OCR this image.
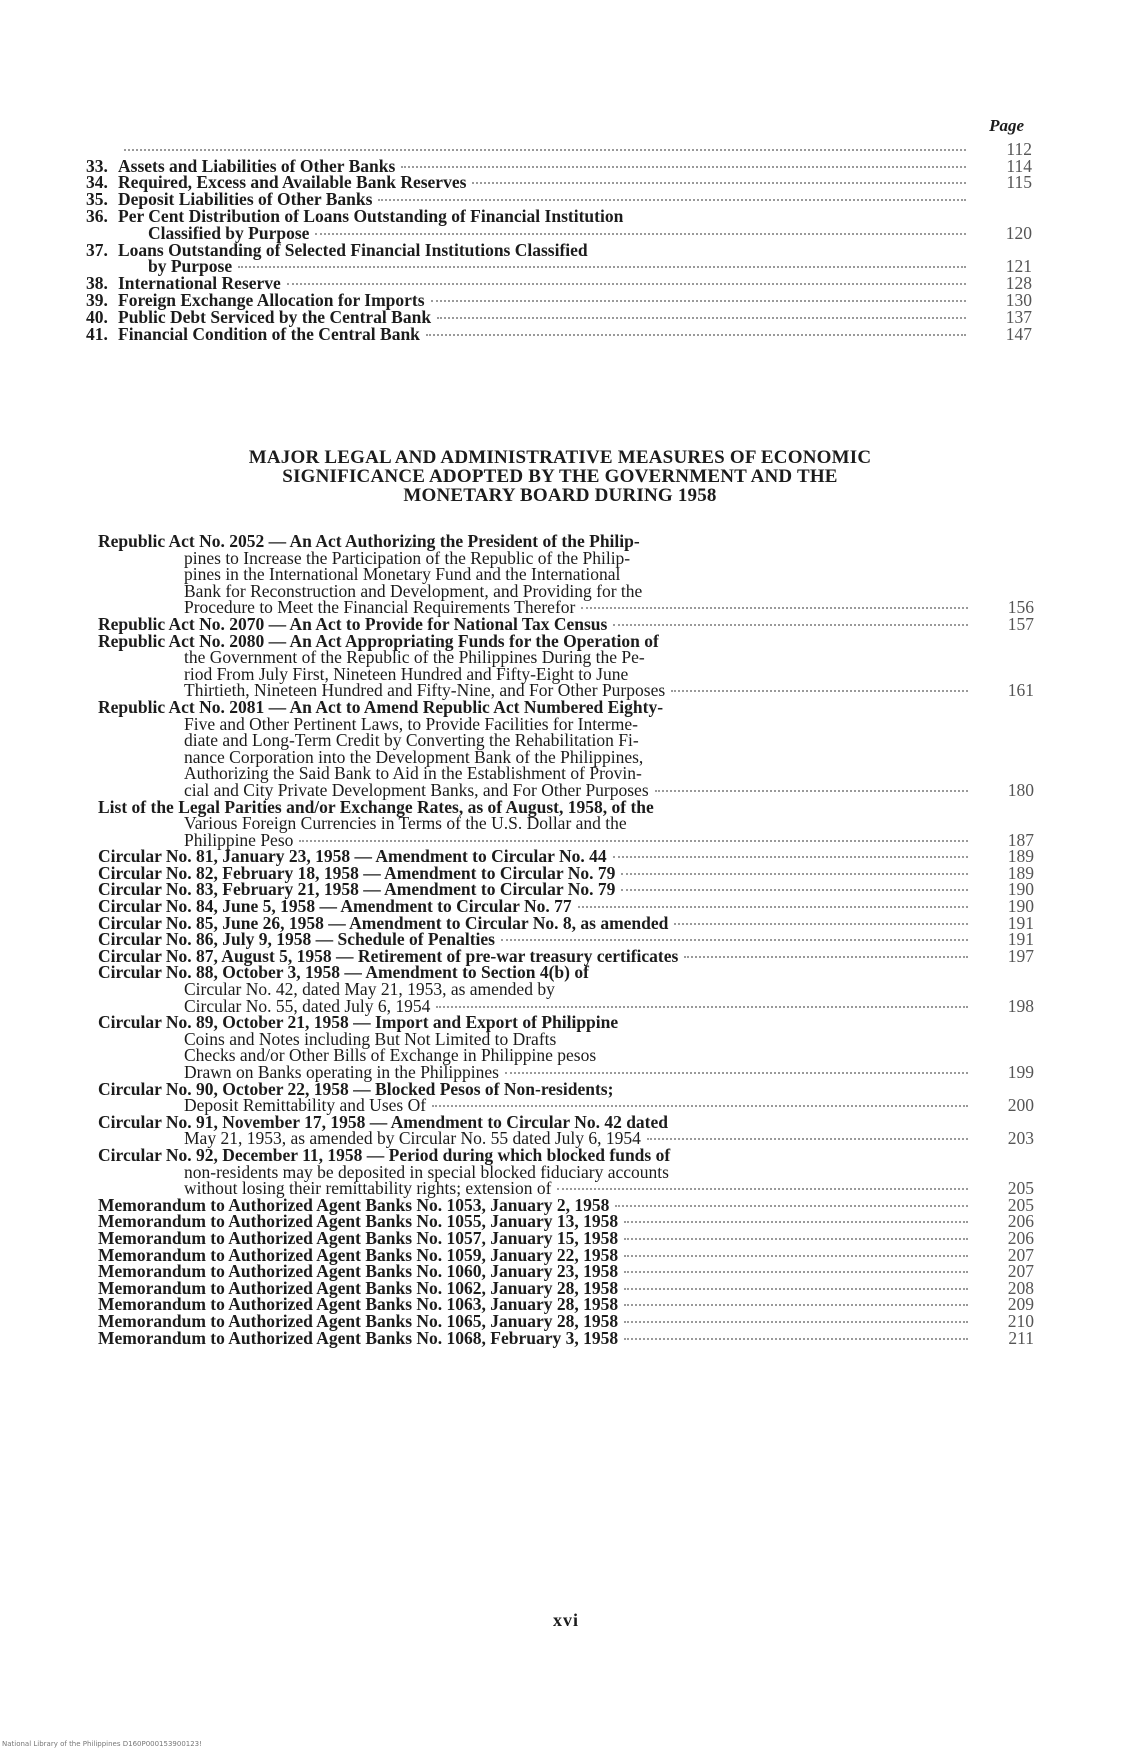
Page
112
33. Assets and Liabilities of Other Banks	114
34. Required, Excess and Available Bank Reserves	115
35. Deposit Liabilities of Other Banks
36. Per Cent Distribution of Loans Outstanding of Financial Institution
Classified by Purpose	120
37. Loans Outstanding of Selected Financial Institutions Classified
by Purpose	121
38. International Reserve	128
39. Foreign Exchange Allocation for Imports	130
40. Public Debt Serviced by the Central Bank	137
41. Financial Condition of the Central Bank	147
MAJOR LEGAL AND ADMINISTRATIVE MEASURES OF ECONOMIC
SIGNIFICANCE ADOPTED BY THE GOVERNMENT AND THE
MONETARY BOARD DURING 1958
Republic Act No. 2052 — An Act Authorizing the President of the Philip-
pines to Increase the Participation of the Republic of the Philip-
pines in the International Monetary Fund and the International
Bank for Reconstruction and Development, and Providing for the
Procedure to Meet the Financial Requirements Therefor	156
Republic Act No. 2070 — An Act to Provide for National Tax Census	157
Republic Act No. 2080 — An Act Appropriating Funds for the Operation of
the Government of the Republic of the Philippines During the Pe-
riod From July First, Nineteen Hundred and Fifty-Eight to June
Thirtieth, Nineteen Hundred and Fifty-Nine, and For Other Purposes	161
Republic Act No. 2081 — An Act to Amend Republic Act Numbered Eighty-
Five and Other Pertinent Laws, to Provide Facilities for Interme-
diate and Long-Term Credit by Converting the Rehabilitation Fi-
nance Corporation into the Development Bank of the Philippines,
Authorizing the Said Bank to Aid in the Establishment of Provin-
cial and City Private Development Banks, and For Other Purposes	180
List of the Legal Parities and/or Exchange Rates, as of August, 1958, of the
Various Foreign Currencies in Terms of the U.S. Dollar and the
Philippine Peso	187
Circular No. 81, January 23, 1958 — Amendment to Circular No. 44	189
Circular No. 82, February 18, 1958 — Amendment to Circular No. 79	189
Circular No. 83, February 21, 1958 — Amendment to Circular No. 79	190
Circular No. 84, June 5, 1958 — Amendment to Circular No. 77	190
Circular No. 85, June 26, 1958 — Amendment to Circular No. 8, as amended	191
Circular No. 86, July 9, 1958 — Schedule of Penalties	191
Circular No. 87, August 5, 1958 — Retirement of pre-war treasury certificates	197
Circular No. 88, October 3, 1958 — Amendment to Section 4(b) of
Circular No. 42, dated May 21, 1953, as amended by
Circular No. 55, dated July 6, 1954	198
Circular No. 89, October 21, 1958 — Import and Export of Philippine
Coins and Notes including But Not Limited to Drafts
Checks and/or Other Bills of Exchange in Philippine pesos
Drawn on Banks operating in the Philippines	199
Circular No. 90, October 22, 1958 — Blocked Pesos of Non-residents;
Deposit Remittability and Uses Of	200
Circular No. 91, November 17, 1958 — Amendment to Circular No. 42 dated
May 21, 1953, as amended by Circular No. 55 dated July 6, 1954	203
Circular No. 92, December 11, 1958 — Period during which blocked funds of
non-residents may be deposited in special blocked fiduciary accounts
without losing their remittability rights; extension of	205
Memorandum to Authorized Agent Banks No. 1053, January 2, 1958	205
Memorandum to Authorized Agent Banks No. 1055, January 13, 1958	206
Memorandum to Authorized Agent Banks No. 1057, January 15, 1958	206
Memorandum to Authorized Agent Banks No. 1059, January 22, 1958	207
Memorandum to Authorized Agent Banks No. 1060, January 23, 1958	207
Memorandum to Authorized Agent Banks No. 1062, January 28, 1958	208
Memorandum to Authorized Agent Banks No. 1063, January 28, 1958	209
Memorandum to Authorized Agent Banks No. 1065, January 28, 1958	210
Memorandum to Authorized Agent Banks No. 1068, February 3, 1958	211
xvi
National Library of the Philippines D160P000153900123!
